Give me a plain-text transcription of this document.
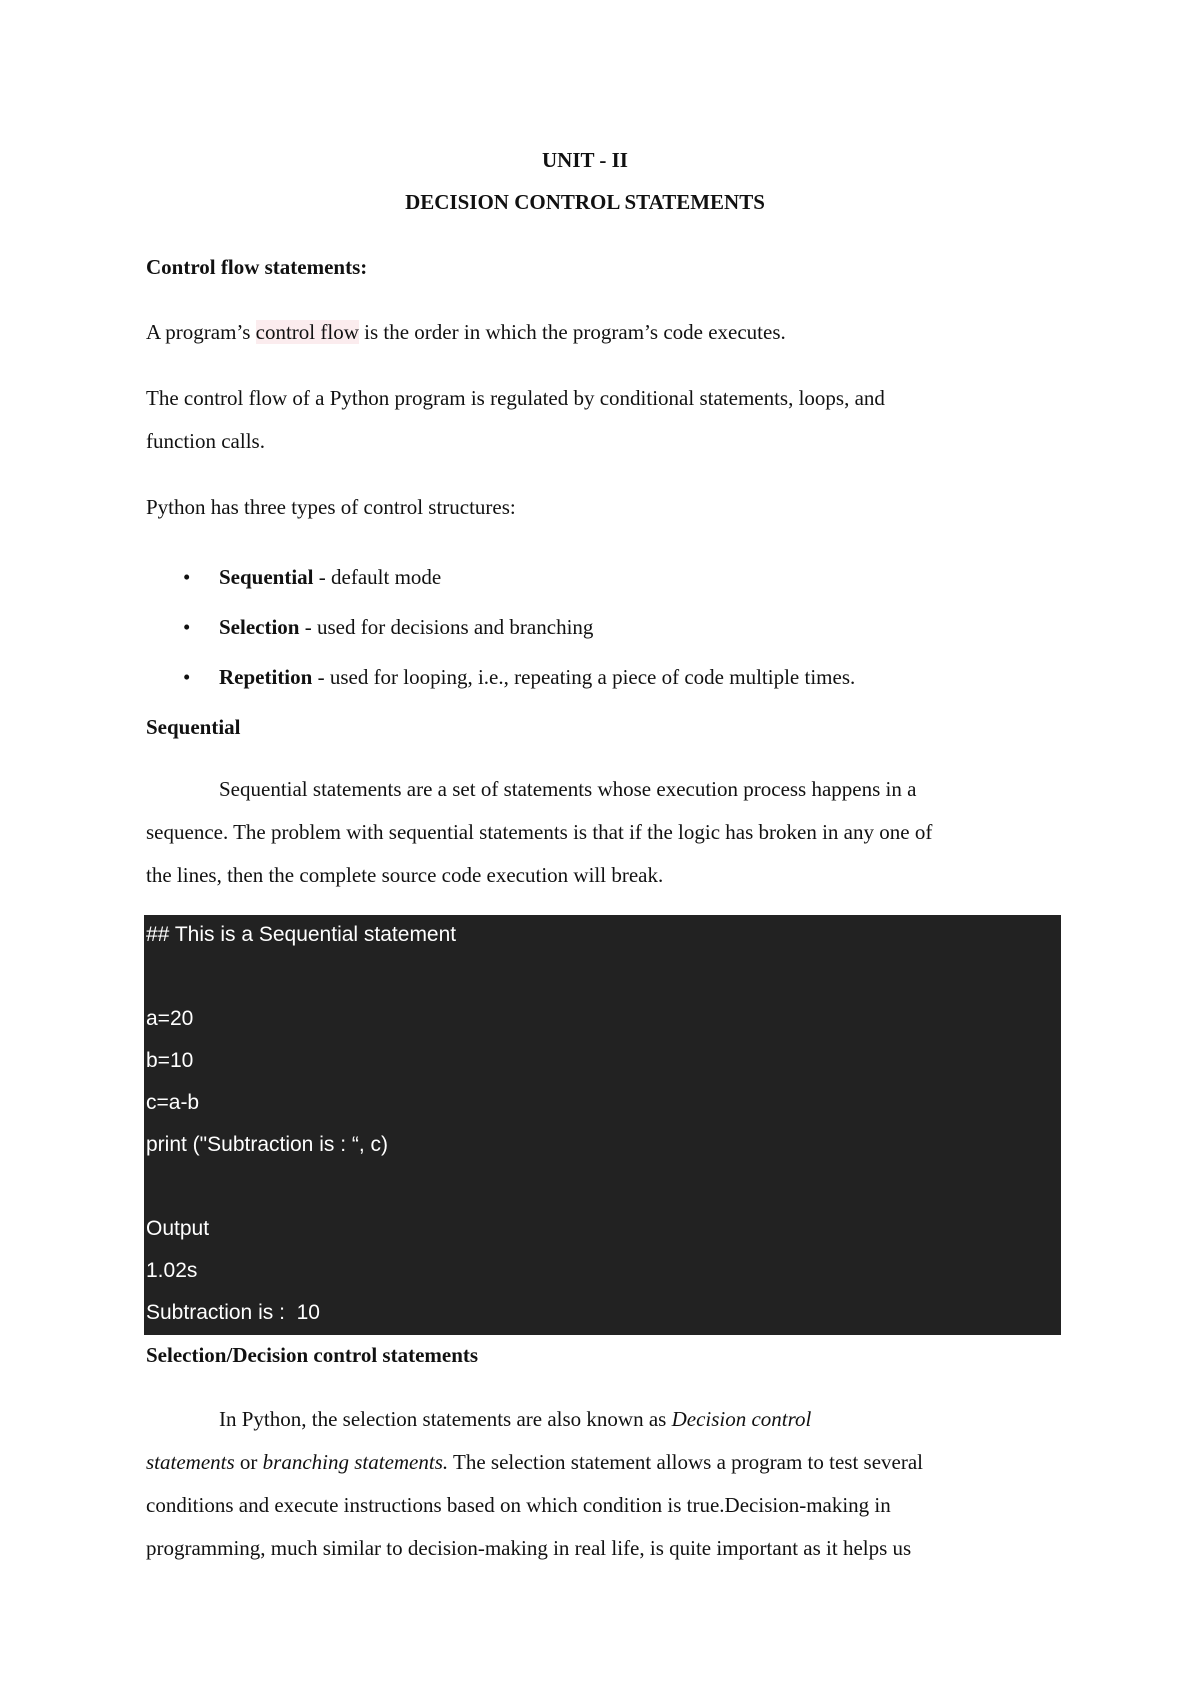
UNIT - II

DECISION CONTROL STATEMENTS

Control flow statements:

A program’s control flow is the order in which the program’s code executes.

The control flow of a Python program is regulated by conditional statements, loops, and

function calls.

Python has three types of control structures:

• Sequential - default mode

• Selection - used for decisions and branching

• Repetition - used for looping, i.e., repeating a piece of code multiple times.

Sequential

Sequential statements are a set of statements whose execution process happens in a

sequence. The problem with sequential statements is that if the logic has broken in any one of

the lines, then the complete source code execution will break.

## This is a Sequential statement
a=20
b=10
c=a-b
print ("Subtraction is : “, c)
Output
1.02s
Subtraction is :  10

Selection/Decision control statements

In Python, the selection statements are also known as Decision control

statements or branching statements. The selection statement allows a program to test several

conditions and execute instructions based on which condition is true.Decision-making in

programming, much similar to decision-making in real life, is quite important as it helps us
